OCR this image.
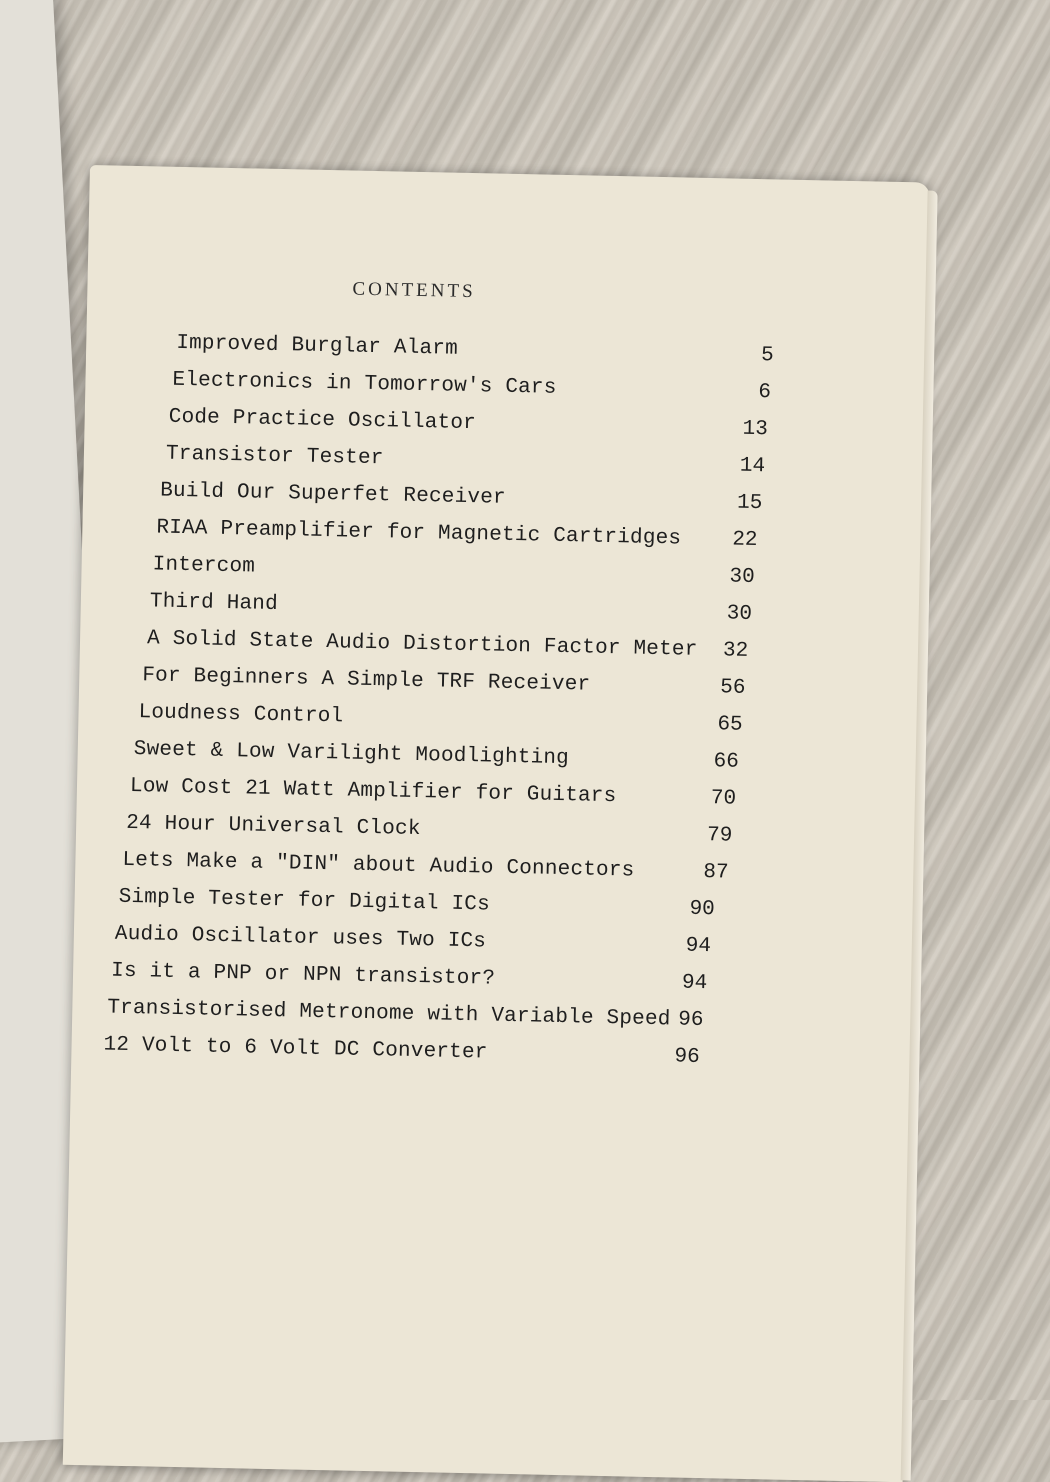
CONTENTS
Improved Burglar Alarm	5
Electronics in Tomorrow's Cars	6
Code Practice Oscillator	13
Transistor Tester	14
Build Our Superfet Receiver	15
RIAA Preamplifier for Magnetic Cartridges 22
Intercom	30
Third Hand	30
A Solid State Audio Distortion Factor Meter 32
For Beginners A Simple TRF Receiver	56
Loudness Control	65
Sweet & Low Varilight Moodlighting	66
Low Cost 21 Watt Amplifier for Guitars	70
24 Hour Universal Clock	79
Lets Make a "DIN" about Audio Connectors	87
Simple Tester for Digital ICs	90
Audio Oscillator uses Two ICs	94
Is it a PNP or NPN transistor?	94
Transistorised Metronome with Variable Speed 96
12 Volt to 6 Volt DC Converter	96
